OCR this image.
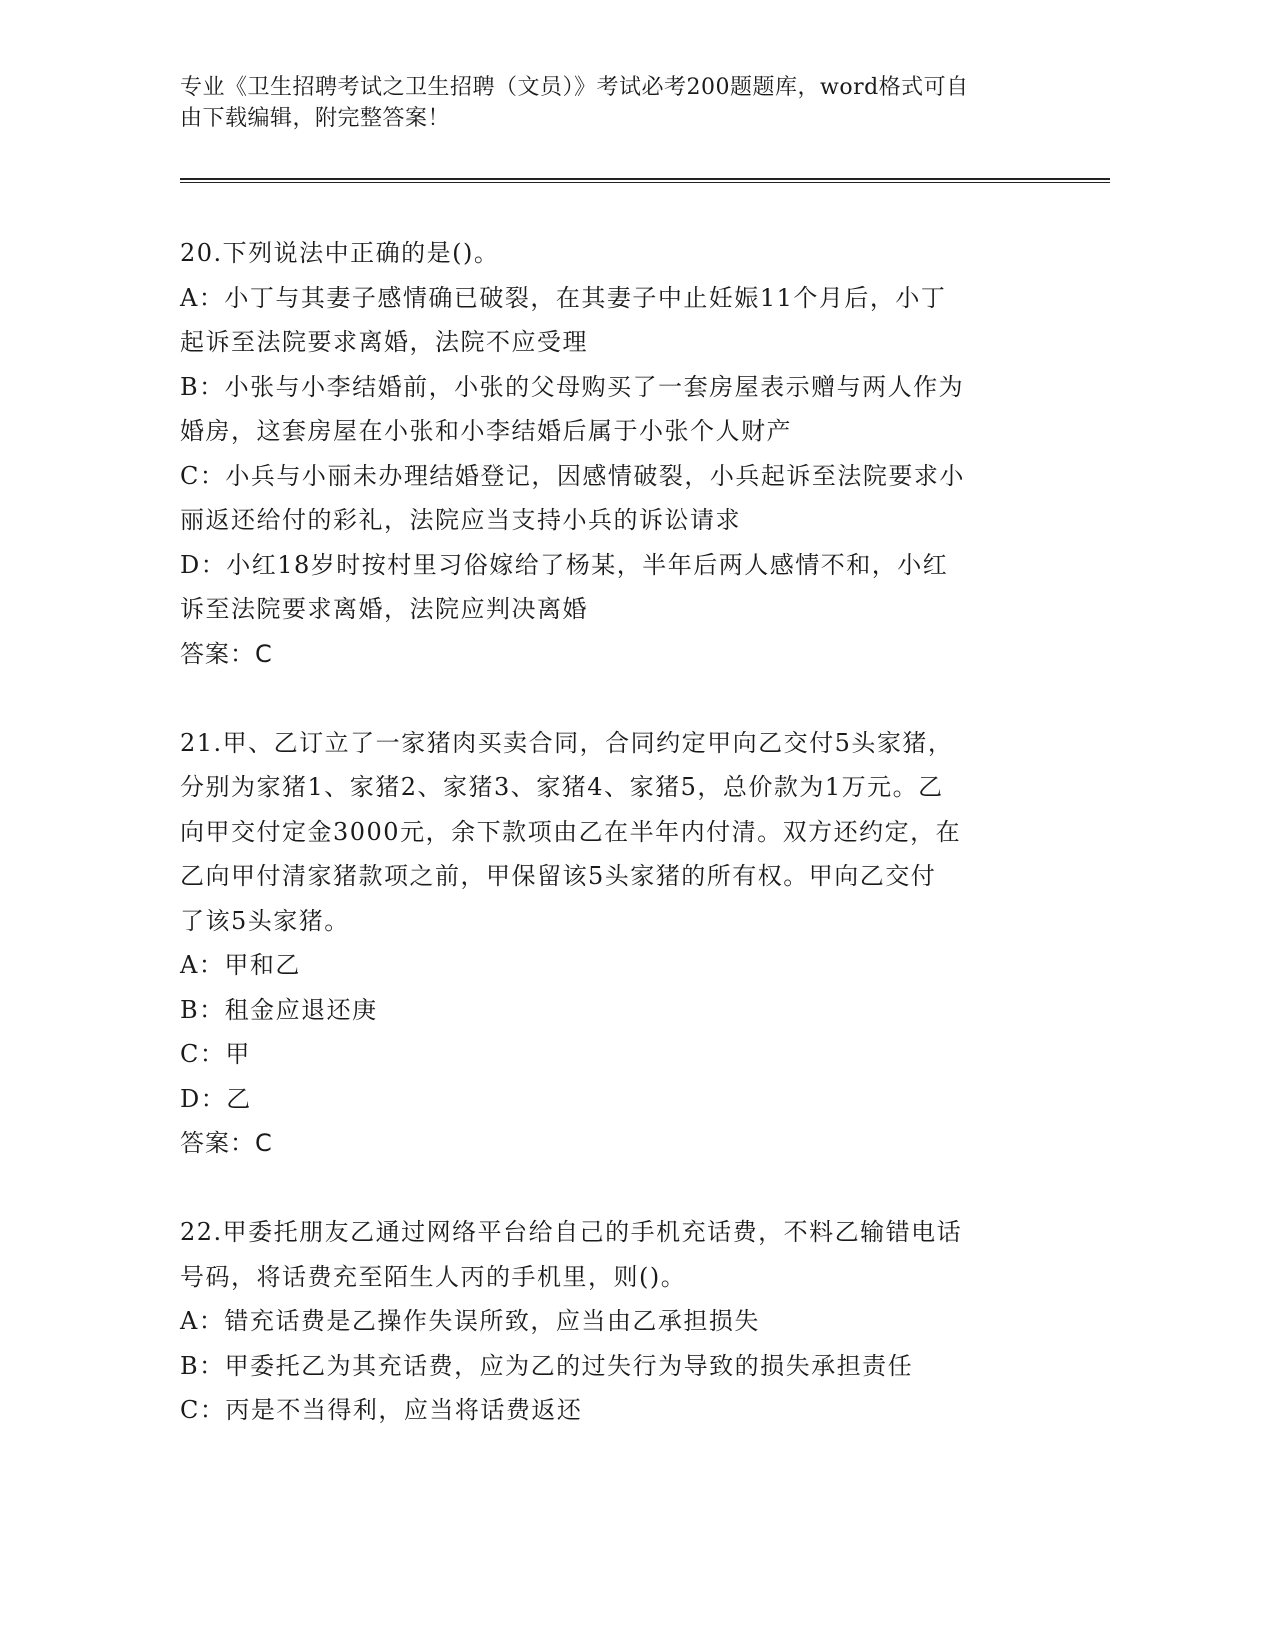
专业《卫生招聘考试之卫生招聘（文员）》考试必考200题题库，word格式可自
由下载编辑，附完整答案！
20.下列说法中正确的是()。
A：小丁与其妻子感情确已破裂，在其妻子中止妊娠11个月后，小丁
起诉至法院要求离婚，法院不应受理
B：小张与小李结婚前，小张的父母购买了一套房屋表示赠与两人作为
婚房，这套房屋在小张和小李结婚后属于小张个人财产
C：小兵与小丽未办理结婚登记，因感情破裂，小兵起诉至法院要求小
丽返还给付的彩礼，法院应当支持小兵的诉讼请求
D：小红18岁时按村里习俗嫁给了杨某，半年后两人感情不和，小红
诉至法院要求离婚，法院应判决离婚
答案：C
21.甲、乙订立了一家猪肉买卖合同，合同约定甲向乙交付5头家猪，
分别为家猪1、家猪2、家猪3、家猪4、家猪5，总价款为1万元。乙
向甲交付定金3000元，余下款项由乙在半年内付清。双方还约定，在
乙向甲付清家猪款项之前，甲保留该5头家猪的所有权。甲向乙交付
了该5头家猪。
A：甲和乙
B：租金应退还庚
C：甲
D：乙
答案：C
22.甲委托朋友乙通过网络平台给自己的手机充话费，不料乙输错电话
号码，将话费充至陌生人丙的手机里，则()。
A：错充话费是乙操作失误所致，应当由乙承担损失
B：甲委托乙为其充话费，应为乙的过失行为导致的损失承担责任
C：丙是不当得利，应当将话费返还
